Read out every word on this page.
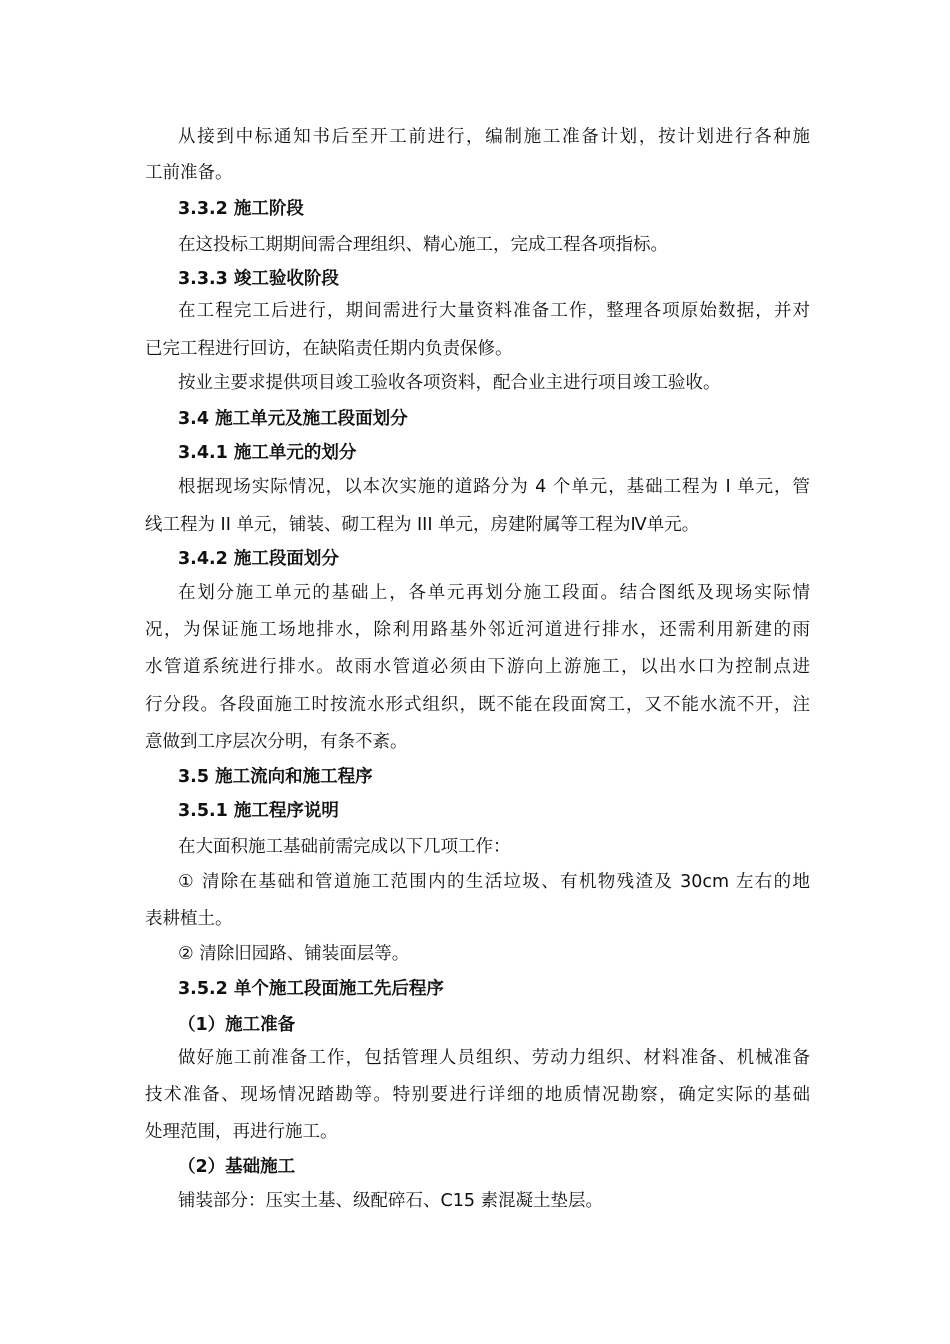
从接到中标通知书后至开工前进行，编制施工准备计划，按计划进行各种施
工前准备。
3.3.2 施工阶段
在这投标工期期间需合理组织、精心施工，完成工程各项指标。
3.3.3 竣工验收阶段
在工程完工后进行，期间需进行大量资料准备工作，整理各项原始数据，并对
已完工程进行回访，在缺陷责任期内负责保修。
按业主要求提供项目竣工验收各项资料，配合业主进行项目竣工验收。
3.4 施工单元及施工段面划分
3.4.1 施工单元的划分
根据现场实际情况，以本次实施的道路分为 4 个单元，基础工程为 I 单元，管
线工程为 II 单元，铺装、砌工程为 III 单元，房建附属等工程为Ⅳ单元。
3.4.2 施工段面划分
在划分施工单元的基础上，各单元再划分施工段面。结合图纸及现场实际情
况，为保证施工场地排水，除利用路基外邻近河道进行排水，还需利用新建的雨
水管道系统进行排水。故雨水管道必须由下游向上游施工，以出水口为控制点进
行分段。各段面施工时按流水形式组织，既不能在段面窝工，又不能水流不开，注
意做到工序层次分明，有条不紊。
3.5 施工流向和施工程序
3.5.1 施工程序说明
在大面积施工基础前需完成以下几项工作：
① 清除在基础和管道施工范围内的生活垃圾、有机物残渣及 30cm 左右的地
表耕植土。
② 清除旧园路、铺装面层等。
3.5.2 单个施工段面施工先后程序
（1）施工准备
做好施工前准备工作，包括管理人员组织、劳动力组织、材料准备、机械准备
技术准备、现场情况踏勘等。特别要进行详细的地质情况勘察，确定实际的基础
处理范围，再进行施工。
（2）基础施工
铺装部分：压实土基、级配碎石、C15 素混凝土垫层。
